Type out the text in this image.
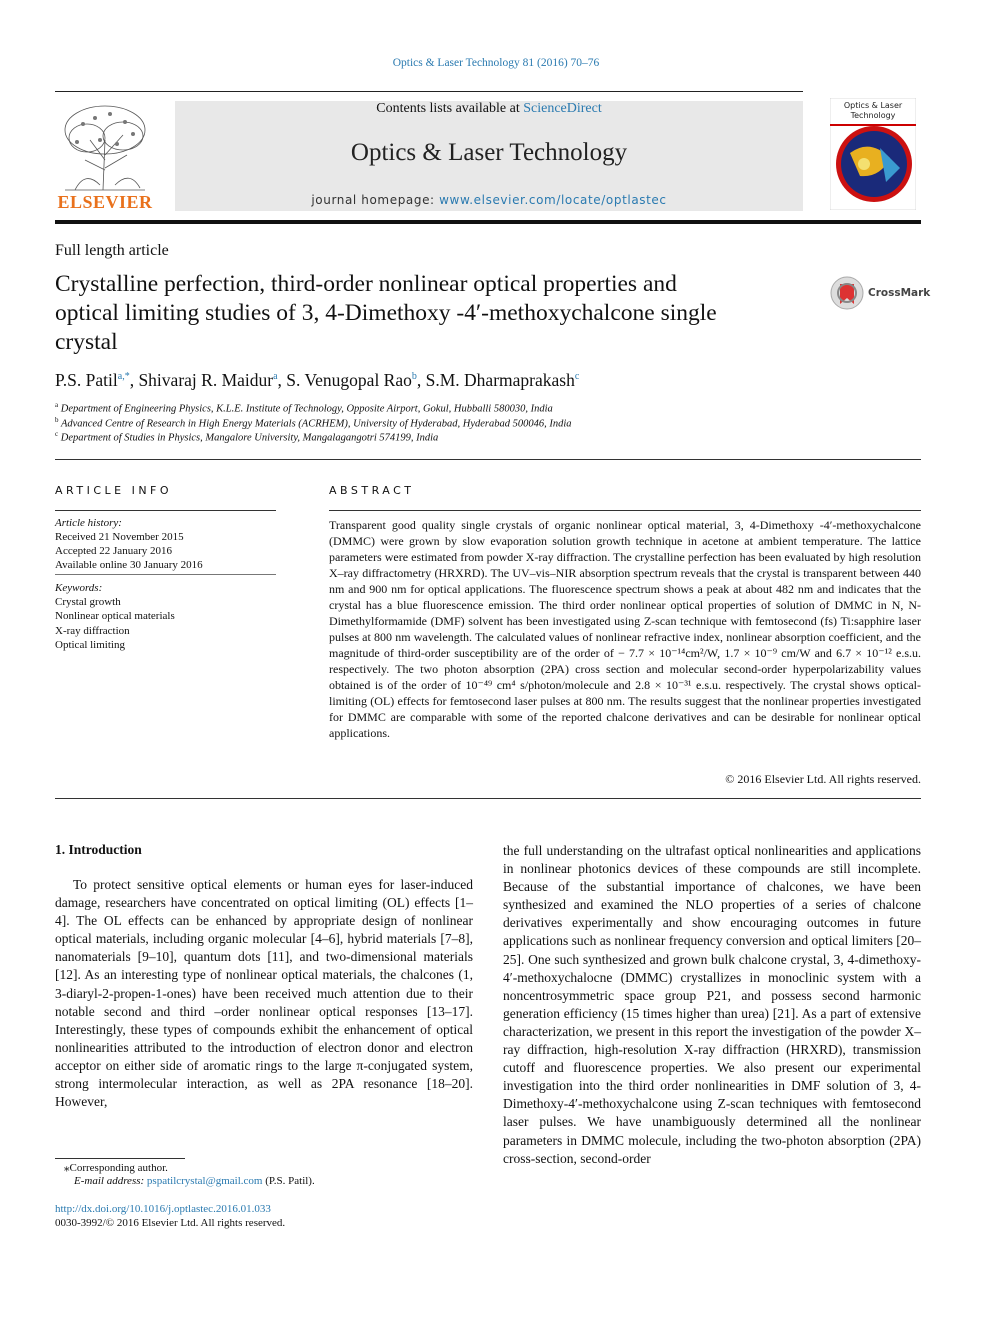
Optics & Laser Technology 81 (2016) 70–76
Contents lists available at ScienceDirect
Optics & Laser Technology
journal homepage: www.elsevier.com/locate/optlastec
ELSEVIER
Optics & Laser
Technology
Full length article
Crystalline perfection, third-order nonlinear optical properties and
optical limiting studies of 3, 4-Dimethoxy -4′-methoxychalcone single
crystal
CrossMark
P.S. Patil$^{a,*}$, Shivaraj R. Maidur$^a$, S. Venugopal Rao$^b$, S.M. Dharmaprakash$^c$
$^a$ Department of Engineering Physics, K.L.E. Institute of Technology, Opposite Airport, Gokul, Hubballi 580030, India
$^b$ Advanced Centre of Research in High Energy Materials (ACRHEM), University of Hyderabad, Hyderabad 500046, India
$^c$ Department of Studies in Physics, Mangalore University, Mangalagangotri 574199, India
ARTICLE INFO
Article history:
Received 21 November 2015
Accepted 22 January 2016
Available online 30 January 2016
Keywords:
Crystal growth
Nonlinear optical materials
X-ray diffraction
Optical limiting
ABSTRACT
Transparent good quality single crystals of organic nonlinear optical material, 3, 4-Dimethoxy -4′-methoxychalcone (DMMC) were grown by slow evaporation solution growth technique in acetone at ambient temperature. The lattice parameters were estimated from powder X-ray diffraction. The crystalline perfection has been evaluated by high resolution X–ray diffractometry (HRXRD). The UV–vis–NIR absorption spectrum reveals that the crystal is transparent between 440 nm and 900 nm for optical applications. The fluorescence spectrum shows a peak at about 482 nm and indicates that the crystal has a blue fluorescence emission. The third order nonlinear optical properties of solution of DMMC in N, N-Dimethylformamide (DMF) solvent has been investigated using Z-scan technique with femtosecond (fs) Ti:sapphire laser pulses at 800 nm wavelength. The calculated values of nonlinear refractive index, nonlinear absorption coefficient, and the magnitude of third-order susceptibility are of the order of − 7.7 × 10⁻¹⁴cm²/W, 1.7 × 10⁻⁹ cm/W and 6.7 × 10⁻¹² e.s.u. respectively. The two photon absorption (2PA) cross section and molecular second-order hyperpolarizability values obtained is of the order of 10⁻⁴⁹ cm⁴ s/photon/molecule and 2.8 × 10⁻³¹ e.s.u. respectively. The crystal shows optical-limiting (OL) effects for femtosecond laser pulses at 800 nm. The results suggest that the nonlinear properties investigated for DMMC are comparable with some of the reported chalcone derivatives and can be desirable for nonlinear optical applications.
© 2016 Elsevier Ltd. All rights reserved.
1. Introduction

To protect sensitive optical elements or human eyes for laser-induced damage, researchers have concentrated on optical limiting (OL) effects [1–4]. The OL effects can be enhanced by appropriate design of nonlinear optical materials, including organic molecular [4–6], hybrid materials [7–8], nanomaterials [9–10], quantum dots [11], and two-dimensional materials [12]. As an interesting type of nonlinear optical materials, the chalcones (1, 3-diaryl-2-propen-1-ones) have been received much attention due to their notable second and third –order nonlinear optical responses [13–17]. Interestingly, these types of compounds exhibit the enhancement of optical nonlinearities attributed to the introduction of electron donor and electron acceptor on either side of aromatic rings to the large π-conjugated system, strong intermolecular interaction, as well as 2PA resonance [18–20]. However,

the full understanding on the ultrafast optical nonlinearities and applications in nonlinear photonics devices of these compounds are still incomplete. Because of the substantial importance of chalcones, we have been synthesized and examined the NLO properties of a series of chalcone derivatives experimentally and show encouraging outcomes in future applications such as nonlinear frequency conversion and optical limiters [20–25]. One such synthesized and grown bulk chalcone crystal, 3, 4-dimethoxy-4′-methoxychalocne (DMMC) crystallizes in monoclinic system with a noncentrosymmetric space group P21, and possess second harmonic generation efficiency (15 times higher than urea) [21]. As a part of extensive characterization, we present in this report the investigation of the powder X–ray diffraction, high-resolution X-ray diffraction (HRXRD), transmission cutoff and fluorescence properties. We also present our experimental investigation into the third order nonlinearities in DMF solution of 3, 4-Dimethoxy-4′-methoxychalcone using Z-scan techniques with femtosecond laser pulses. We have unambiguously determined all the nonlinear parameters in DMMC molecule, including the two-photon absorption (2PA) cross-section, second-order

⁎Corresponding author.
E-mail address: pspatilcrystal@gmail.com (P.S. Patil).
http://dx.doi.org/10.1016/j.optlastec.2016.01.033
0030-3992/© 2016 Elsevier Ltd. All rights reserved.
